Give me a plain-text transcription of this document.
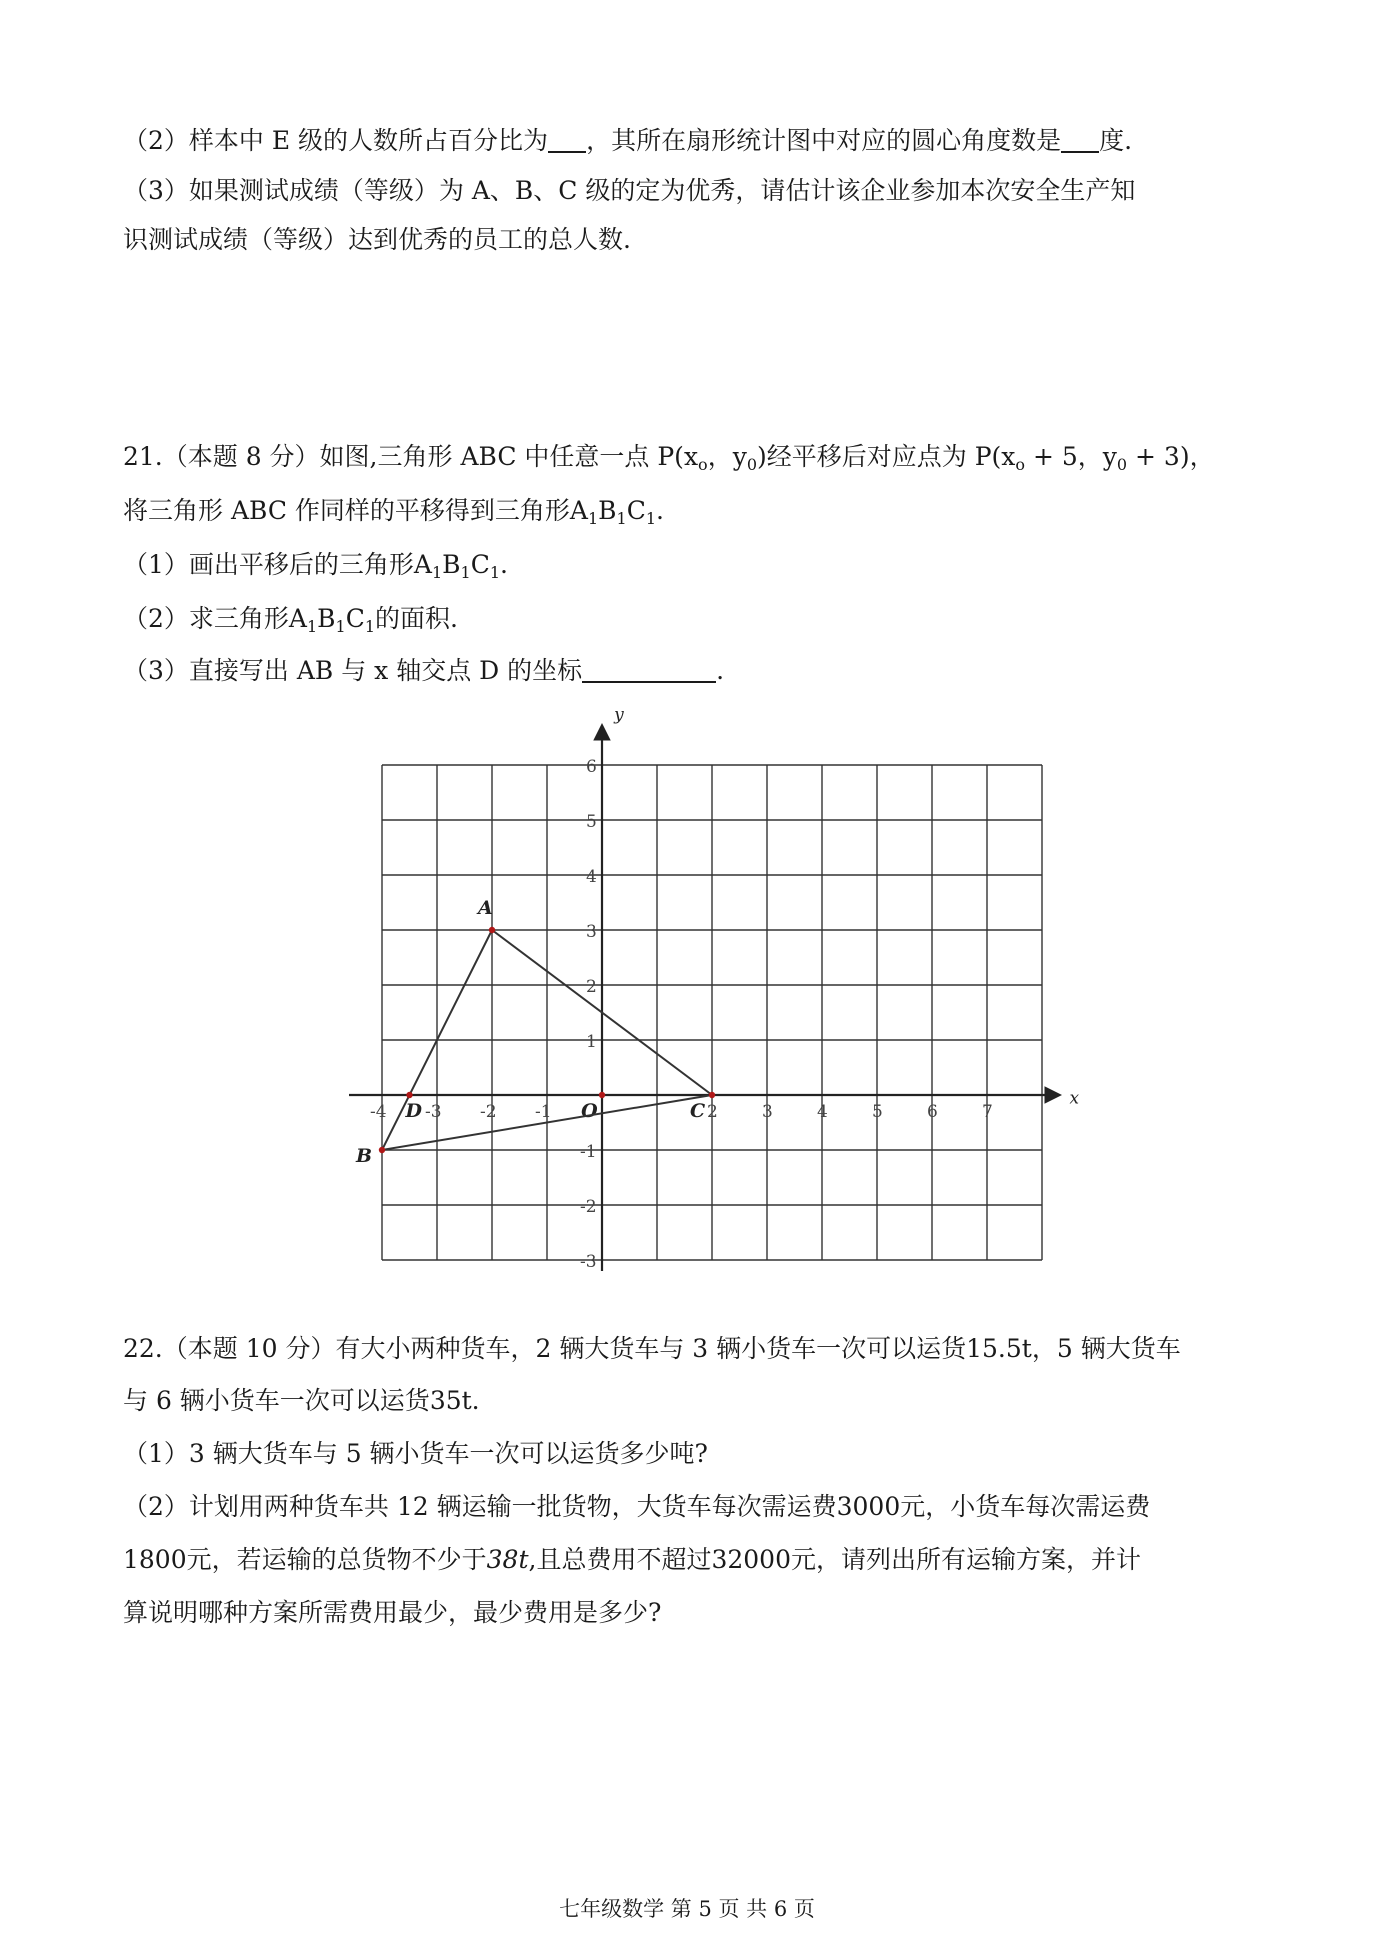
（2）样本中 E 级的人数所占百分比为 ，其所在扇形统计图中对应的圆心角度数是 度.
（3）如果测试成绩（等级）为 A、B、C 级的定为优秀，请估计该企业参加本次安全生产知
识测试成绩（等级）达到优秀的员工的总人数.
21.（本题 8 分）如图,三角形 ABC 中任意一点 $P(x_o$，$y_0$)经平移后对应点为 $P(x_o + 5$，$y_0 + 3$)，
将三角形 ABC 作同样的平移得到三角形$A_1B_1C_1$.
（1）画出平移后的三角形$A_1B_1C_1$.
（2）求三角形$A_1B_1C_1$的面积.
（3）直接写出 AB 与 x 轴交点 D 的坐标	.
x
y
-4 -3 -2 -1	2	3	4	5	6	7
6
5
4
3
2
1
-1
-2
-3
O
A
B
C
D
22.（本题 10 分）有大小两种货车，2 辆大货车与 3 辆小货车一次可以运货15.5t，5 辆大货车
与 6 辆小货车一次可以运货35t.
（1）3 辆大货车与 5 辆小货车一次可以运货多少吨?
（2）计划用两种货车共 12 辆运输一批货物，大货车每次需运费3000元，小货车每次需运费
1800元，若运输的总货物不少于38t,且总费用不超过32000元，请列出所有运输方案，并计
算说明哪种方案所需费用最少，最少费用是多少?
七年级数学 第 5 页 共 6 页
